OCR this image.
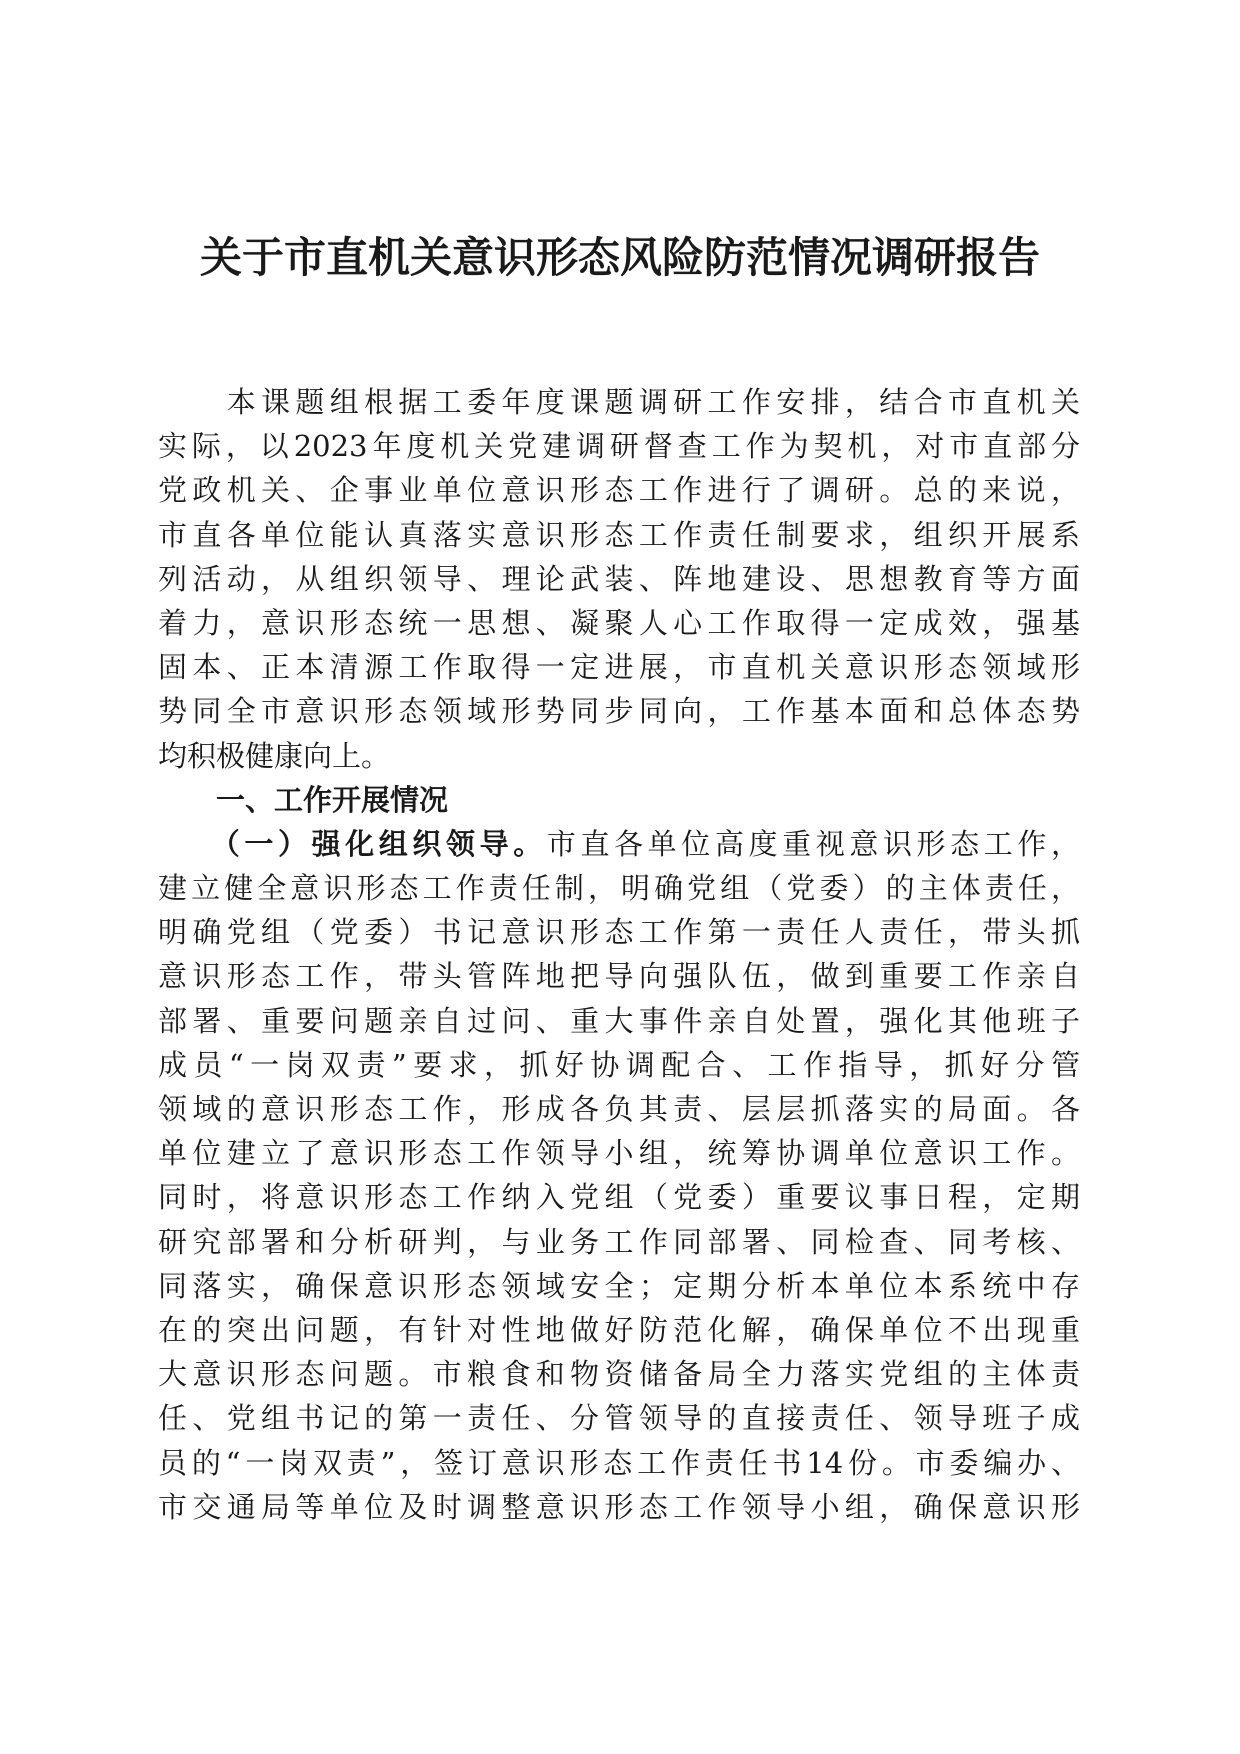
关于市直机关意识形态风险防范情况调研报告

　　本课题组根据工委年度课题调研工作安排，结合市直机关

实际，以2023年度机关党建调研督查工作为契机，对市直部分

党政机关、企事业单位意识形态工作进行了调研。总的来说，

市直各单位能认真落实意识形态工作责任制要求，组织开展系

列活动，从组织领导、理论武装、阵地建设、思想教育等方面

着力，意识形态统一思想、凝聚人心工作取得一定成效，强基

固本、正本清源工作取得一定进展，市直机关意识形态领域形

势同全市意识形态领域形势同步同向，工作基本面和总体态势

均积极健康向上。

　　一、工作开展情况

　　（一）强化组织领导。市直各单位高度重视意识形态工作，

建立健全意识形态工作责任制，明确党组（党委）的主体责任，

明确党组（党委）书记意识形态工作第一责任人责任，带头抓

意识形态工作，带头管阵地把导向强队伍，做到重要工作亲自

部署、重要问题亲自过问、重大事件亲自处置，强化其他班子

成员“一岗双责”要求，抓好协调配合、工作指导，抓好分管

领域的意识形态工作，形成各负其责、层层抓落实的局面。各

单位建立了意识形态工作领导小组，统筹协调单位意识工作。

同时，将意识形态工作纳入党组（党委）重要议事日程，定期

研究部署和分析研判，与业务工作同部署、同检查、同考核、

同落实，确保意识形态领域安全；定期分析本单位本系统中存

在的突出问题，有针对性地做好防范化解，确保单位不出现重

大意识形态问题。市粮食和物资储备局全力落实党组的主体责

任、党组书记的第一责任、分管领导的直接责任、领导班子成

员的“一岗双责”，签订意识形态工作责任书14份。市委编办、

市交通局等单位及时调整意识形态工作领导小组，确保意识形
